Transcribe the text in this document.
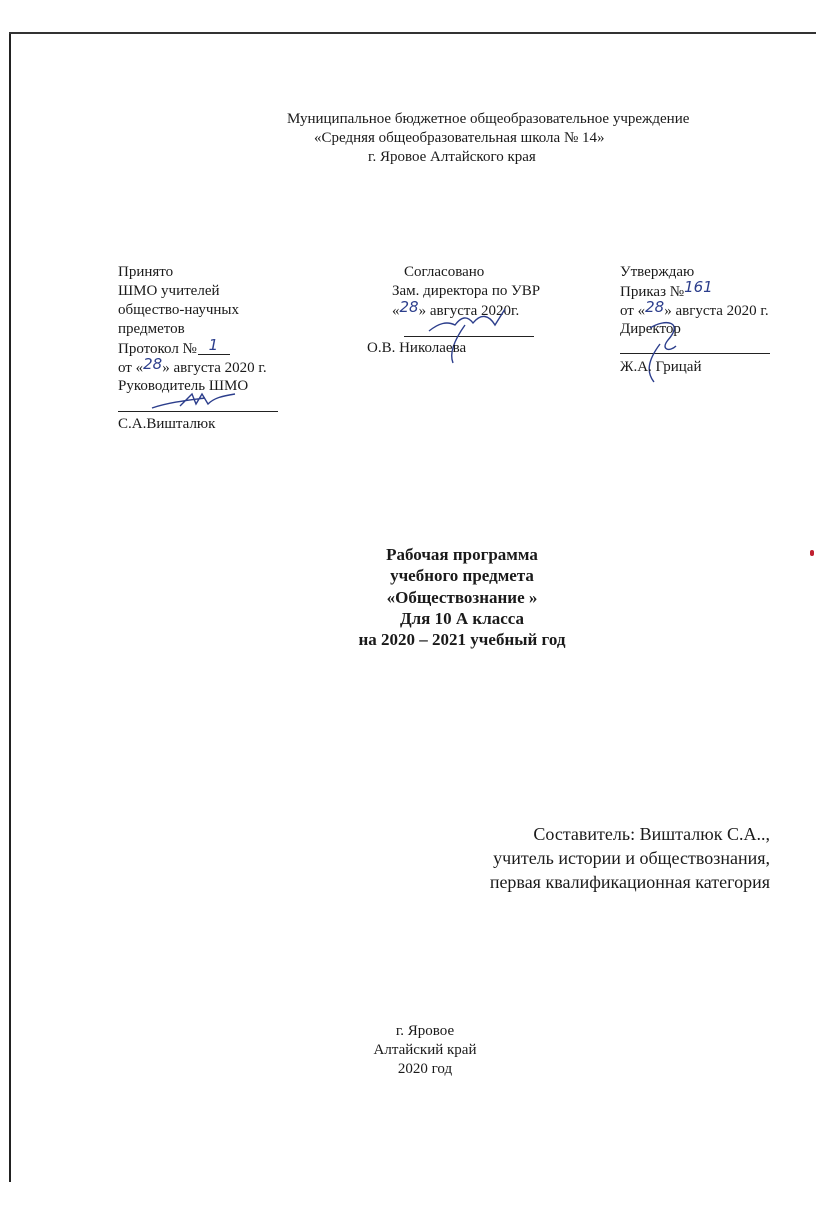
Муниципальное бюджетное общеобразовательное учреждение
«Средняя общеобразовательная школа № 14»
г. Яровое Алтайского края
Принято
ШМО учителей
общество-научных
предметов
Протокол № 1
от «28» августа 2020 г.
Руководитель ШМО
С.А.Вишталюк
Согласовано
Зам. директора по УВР
«28» августа 2020г.
О.В. Николаева
Утверждаю
Приказ №161
от «28» августа 2020 г.
Директор
Ж.А. Грицай
Рабочая программа
учебного предмета
«Обществознание »
Для 10 А класса
на 2020 – 2021 учебный год
Составитель: Вишталюк С.А..,
учитель истории и обществознания,
первая квалификационная категория
г. Яровое
Алтайский край
2020 год
